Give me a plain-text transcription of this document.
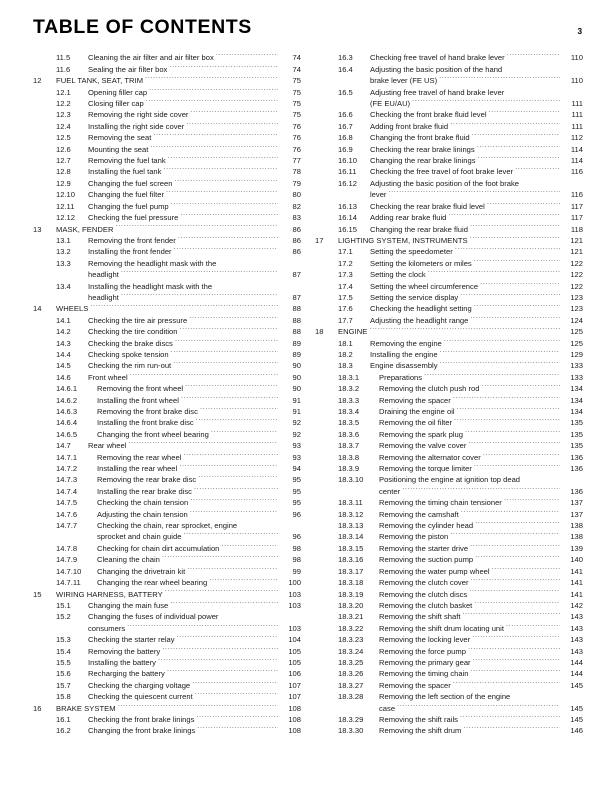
TABLE OF CONTENTS	3
11.5	Cleaning the air filter and air filter box .....	74
11.6	Sealing the air filter box .....	74
12	FUEL TANK, SEAT, TRIM .....	75
12.1	Opening filler cap .....	75
12.2	Closing filler cap .....	75
12.3	Removing the right side cover .....	75
12.4	Installing the right side cover .....	76
12.5	Removing the seat .....	76
12.6	Mounting the seat .....	76
12.7	Removing the fuel tank .....	77
12.8	Installing the fuel tank .....	78
12.9	Changing the fuel screen .....	79
12.10	Changing the fuel filter .....	80
12.11	Changing the fuel pump .....	82
12.12	Checking the fuel pressure .....	83
13	MASK, FENDER .....	86
13.1	Removing the front fender .....	86
13.2	Installing the front fender .....	86
13.3	Removing the headlight mask with the
headlight .....	87
13.4	Installing the headlight mask with the
headlight .....	87
14	WHEELS .....	88
14.1	Checking the tire air pressure .....	88
14.2	Checking the tire condition .....	88
14.3	Checking the brake discs .....	89
14.4	Checking spoke tension .....	89
14.5	Checking the rim run-out .....	90
14.6	Front wheel .....	90
14.6.1	Removing the front wheel .....	90
14.6.2	Installing the front wheel .....	91
14.6.3	Removing the front brake disc .....	91
14.6.4	Installing the front brake disc .....	92
14.6.5	Changing the front wheel bearing .....	92
14.7	Rear wheel .....	93
14.7.1	Removing the rear wheel .....	93
14.7.2	Installing the rear wheel .....	94
14.7.3	Removing the rear brake disc .....	95
14.7.4	Installing the rear brake disc .....	95
14.7.5	Checking the chain tension .....	95
14.7.6	Adjusting the chain tension .....	96
14.7.7	Checking the chain, rear sprocket, engine
sprocket and chain guide .....	96
14.7.8	Checking for chain dirt accumulation .....	98
14.7.9	Cleaning the chain .....	98
14.7.10	Changing the drivetrain kit .....	99
14.7.11	Changing the rear wheel bearing .....	100
15	WIRING HARNESS, BATTERY .....	103
15.1	Changing the main fuse .....	103
15.2	Changing the fuses of individual power
consumers .....	103
15.3	Checking the starter relay .....	104
15.4	Removing the battery .....	105
15.5	Installing the battery .....	105
15.6	Recharging the battery .....	106
15.7	Checking the charging voltage .....	107
15.8	Checking the quiescent current .....	107
16	BRAKE SYSTEM .....	108
16.1	Checking the front brake linings .....	108
16.2	Changing the front brake linings .....	108
16.3	Checking free travel of hand brake lever .....	110
16.4	Adjusting the basic position of the hand
brake lever (FE US) .....	110
16.5	Adjusting free travel of hand brake lever
(FE EU/AU) .....	111
16.6	Checking the front brake fluid level .....	111
16.7	Adding front brake fluid .....	111
16.8	Changing the front brake fluid .....	112
16.9	Checking the rear brake linings .....	114
16.10	Changing the rear brake linings .....	114
16.11	Checking the free travel of foot brake lever .....	116
16.12	Adjusting the basic position of the foot brake
lever .....	116
16.13	Checking the rear brake fluid level .....	117
16.14	Adding rear brake fluid .....	117
16.15	Changing the rear brake fluid .....	118
17	LIGHTING SYSTEM, INSTRUMENTS .....	121
17.1	Setting the speedometer .....	121
17.2	Setting the kilometers or miles .....	122
17.3	Setting the clock .....	122
17.4	Setting the wheel circumference .....	122
17.5	Setting the service display .....	123
17.6	Checking the headlight setting .....	123
17.7	Adjusting the headlight range .....	124
18	ENGINE .....	125
18.1	Removing the engine .....	125
18.2	Installing the engine .....	129
18.3	Engine disassembly .....	133
18.3.1	Preparations .....	133
18.3.2	Removing the clutch push rod .....	134
18.3.3	Removing the spacer .....	134
18.3.4	Draining the engine oil .....	134
18.3.5	Removing the oil filter .....	135
18.3.6	Removing the spark plug .....	135
18.3.7	Removing the valve cover .....	135
18.3.8	Removing the alternator cover .....	136
18.3.9	Removing the torque limiter .....	136
18.3.10	Positioning the engine at ignition top dead
center .....	136
18.3.11	Removing the timing chain tensioner .....	137
18.3.12	Removing the camshaft .....	137
18.3.13	Removing the cylinder head .....	138
18.3.14	Removing the piston .....	138
18.3.15	Removing the starter drive .....	139
18.3.16	Removing the suction pump .....	140
18.3.17	Removing the water pump wheel .....	141
18.3.18	Removing the clutch cover .....	141
18.3.19	Removing the clutch discs .....	141
18.3.20	Removing the clutch basket .....	142
18.3.21	Removing the shift shaft .....	143
18.3.22	Removing the shift drum locating unit .....	143
18.3.23	Removing the locking lever .....	143
18.3.24	Removing the force pump .....	143
18.3.25	Removing the primary gear .....	144
18.3.26	Removing the timing chain .....	144
18.3.27	Removing the spacer .....	145
18.3.28	Removing the left section of the engine
case .....	145
18.3.29	Removing the shift rails .....	145
18.3.30	Removing the shift drum .....	146
